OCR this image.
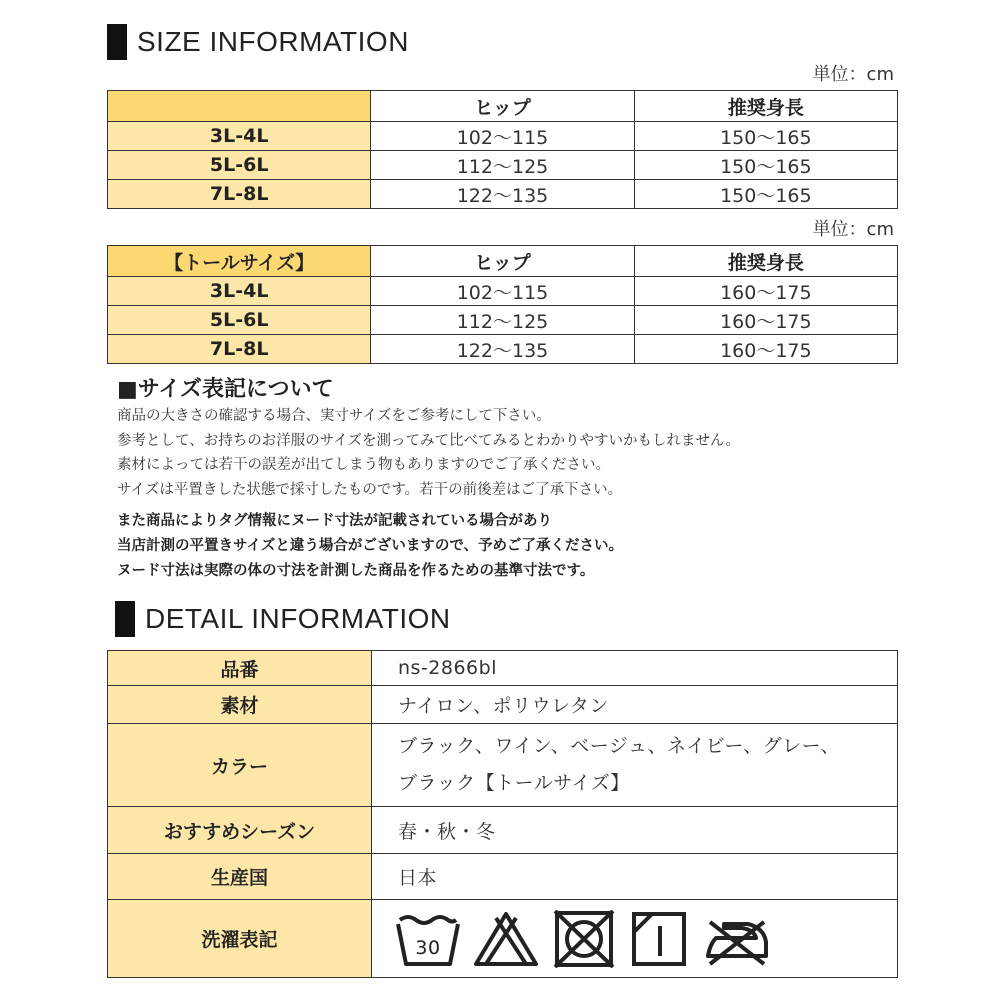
SIZE INFORMATION
単位：cm
	ヒップ	推奨身長
3L-4L	102～115	150～165
5L-6L	112～125	150～165
7L-8L	122～135	150～165
単位：cm
【トールサイズ】	ヒップ	推奨身長
3L-4L	102～115	160～175
5L-6L	112～125	160～175
7L-8L	122～135	160～175
■サイズ表記について
商品の大きさの確認する場合、実寸サイズをご参考にして下さい。
参考として、お持ちのお洋服のサイズを測ってみて比べてみるとわかりやすいかもしれません。
素材によっては若干の誤差が出てしまう物もありますのでご了承ください。
サイズは平置きした状態で採寸したものです。若干の前後差はご了承下さい。
また商品によりタグ情報にヌード寸法が記載されている場合があり
当店計測の平置きサイズと違う場合がございますので、予めご了承ください。
ヌード寸法は実際の体の寸法を計測した商品を作るための基準寸法です。
DETAIL INFORMATION
品番	ns-2866bl
素材	ナイロン、ポリウレタン
カラー	ブラック、ワイン、ベージュ、ネイビー、グレー、
ブラック【トールサイズ】

おすすめシーズン	春・秋・冬
生産国	日本
洗濯表記	30
